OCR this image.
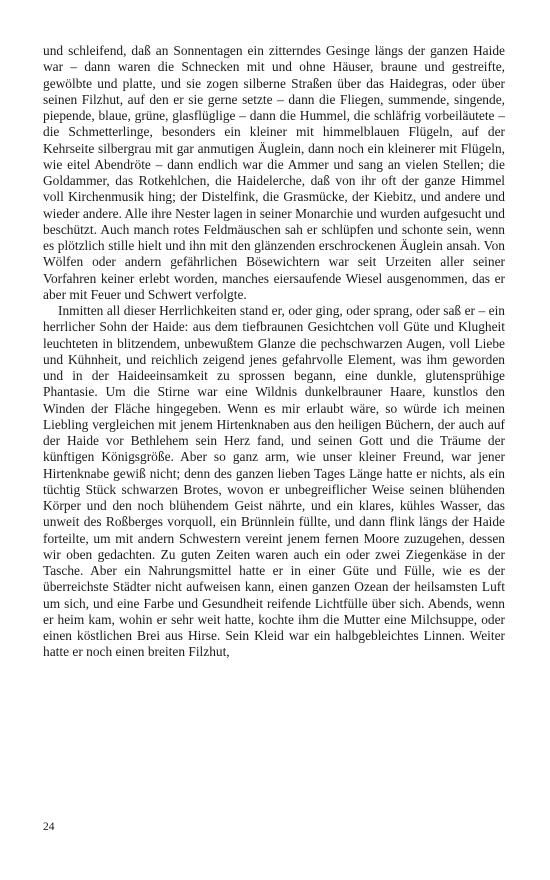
und schleifend, daß an Sonnentagen ein zitterndes Gesinge längs der ganzen Haide war – dann waren die Schnecken mit und ohne Häuser, braune und gestreifte, gewölbte und platte, und sie zogen silberne Straßen über das Haidegras, oder über seinen Filzhut, auf den er sie gerne setzte – dann die Fliegen, summende, singende, piepende, blaue, grüne, glasflüglige – dann die Hummel, die schläfrig vorbeiläutete – die Schmetterlinge, besonders ein kleiner mit himmelblauen Flügeln, auf der Kehrseite silbergrau mit gar anmutigen Äuglein, dann noch ein kleinerer mit Flügeln, wie eitel Abendröte – dann endlich war die Ammer und sang an vielen Stellen; die Goldammer, das Rotkehlchen, die Haidelerche, daß von ihr oft der ganze Himmel voll Kirchenmusik hing; der Distelfink, die Grasmücke, der Kiebitz, und andere und wieder andere. Alle ihre Nester lagen in seiner Monarchie und wurden aufgesucht und beschützt. Auch manch rotes Feldmäuschen sah er schlüpfen und schonte sein, wenn es plötzlich stille hielt und ihn mit den glänzenden erschrockenen Äuglein ansah. Von Wölfen oder andern gefährlichen Bösewichtern war seit Urzeiten aller seiner Vorfahren keiner erlebt worden, manches eiersaufende Wiesel ausgenommen, das er aber mit Feuer und Schwert verfolgte.

Inmitten all dieser Herrlichkeiten stand er, oder ging, oder sprang, oder saß er – ein herrlicher Sohn der Haide: aus dem tiefbraunen Gesichtchen voll Güte und Klugheit leuchteten in blitzendem, unbewußtem Glanze die pechschwarzen Augen, voll Liebe und Kühnheit, und reichlich zeigend jenes gefahrvolle Element, was ihm geworden und in der Haideeinsamkeit zu sprossen begann, eine dunkle, glutensprühige Phantasie. Um die Stirne war eine Wildnis dunkelbrauner Haare, kunstlos den Winden der Fläche hingegeben. Wenn es mir erlaubt wäre, so würde ich meinen Liebling vergleichen mit jenem Hirtenknaben aus den heiligen Büchern, der auch auf der Haide vor Bethlehem sein Herz fand, und seinen Gott und die Träume der künftigen Königsgröße. Aber so ganz arm, wie unser kleiner Freund, war jener Hirtenknabe gewiß nicht; denn des ganzen lieben Tages Länge hatte er nichts, als ein tüchtig Stück schwarzen Brotes, wovon er unbegreiflicher Weise seinen blühenden Körper und den noch blühendem Geist nährte, und ein klares, kühles Wasser, das unweit des Roßberges vorquoll, ein Brünnlein füllte, und dann flink längs der Haide forteilte, um mit andern Schwestern vereint jenem fernen Moore zuzugehen, dessen wir oben gedachten. Zu guten Zeiten waren auch ein oder zwei Ziegenkäse in der Tasche. Aber ein Nahrungsmittel hatte er in einer Güte und Fülle, wie es der überreichste Städter nicht aufweisen kann, einen ganzen Ozean der heilsamsten Luft um sich, und eine Farbe und Gesundheit reifende Lichtfülle über sich. Abends, wenn er heim kam, wohin er sehr weit hatte, kochte ihm die Mutter eine Milchsuppe, oder einen köstlichen Brei aus Hirse. Sein Kleid war ein halbgebleichtes Linnen. Weiter hatte er noch einen breiten Filzhut,

24
